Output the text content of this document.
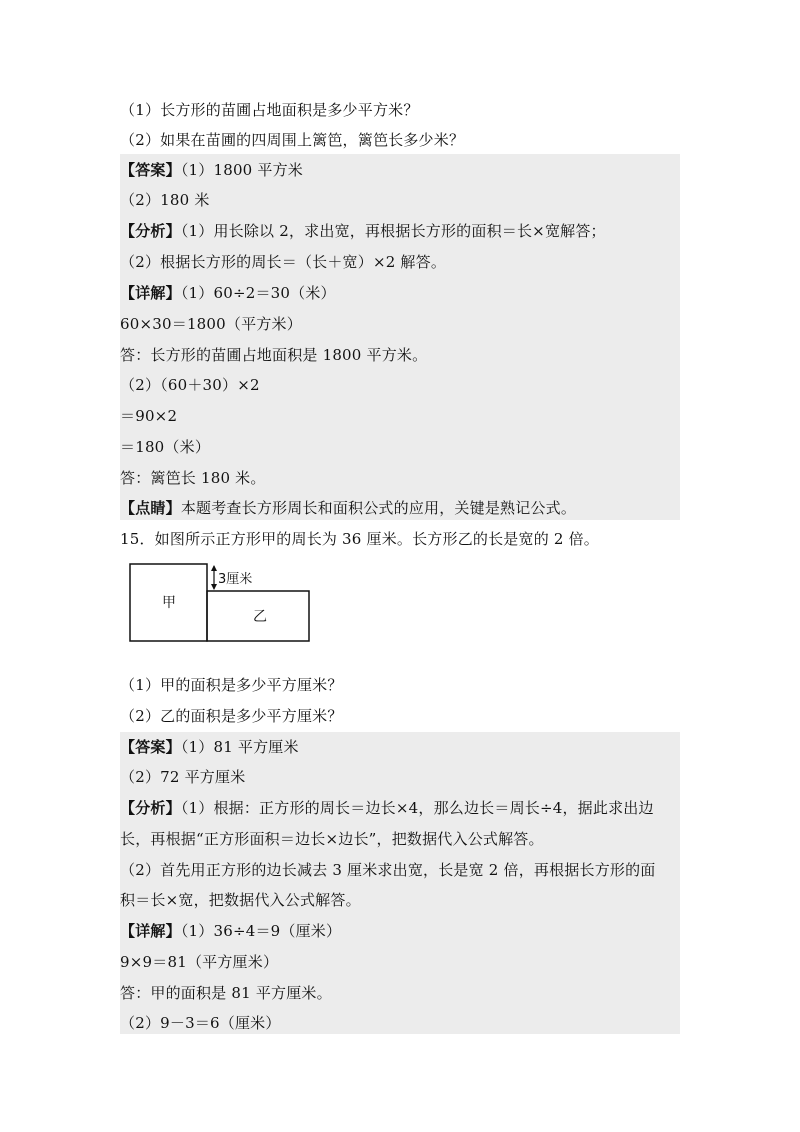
（1）长方形的苗圃占地面积是多少平方米？
（2）如果在苗圃的四周围上篱笆，篱笆长多少米？
【答案】（1）1800 平方米
（2）180 米
【分析】（1）用长除以 2，求出宽，再根据长方形的面积＝长×宽解答；
（2）根据长方形的周长＝（长＋宽）×2 解答。
【详解】（1）60÷2＝30（米）
60×30＝1800（平方米）
答：长方形的苗圃占地面积是 1800 平方米。
（2）（60＋30）×2
＝90×2
＝180（米）
答：篱笆长 180 米。
【点睛】本题考查长方形周长和面积公式的应用，关键是熟记公式。
15．如图所示正方形甲的周长为 36 厘米。长方形乙的长是宽的 2 倍。
甲
乙
3厘米
（1）甲的面积是多少平方厘米？
（2）乙的面积是多少平方厘米？
【答案】（1）81 平方厘米
（2）72 平方厘米
【分析】（1）根据：正方形的周长＝边长×4，那么边长＝周长÷4，据此求出边
长，再根据“正方形面积＝边长×边长”，把数据代入公式解答。
（2）首先用正方形的边长减去 3 厘米求出宽，长是宽 2 倍，再根据长方形的面
积＝长×宽，把数据代入公式解答。
【详解】（1）36÷4＝9（厘米）
9×9＝81（平方厘米）
答：甲的面积是 81 平方厘米。
（2）9－3＝6（厘米）
